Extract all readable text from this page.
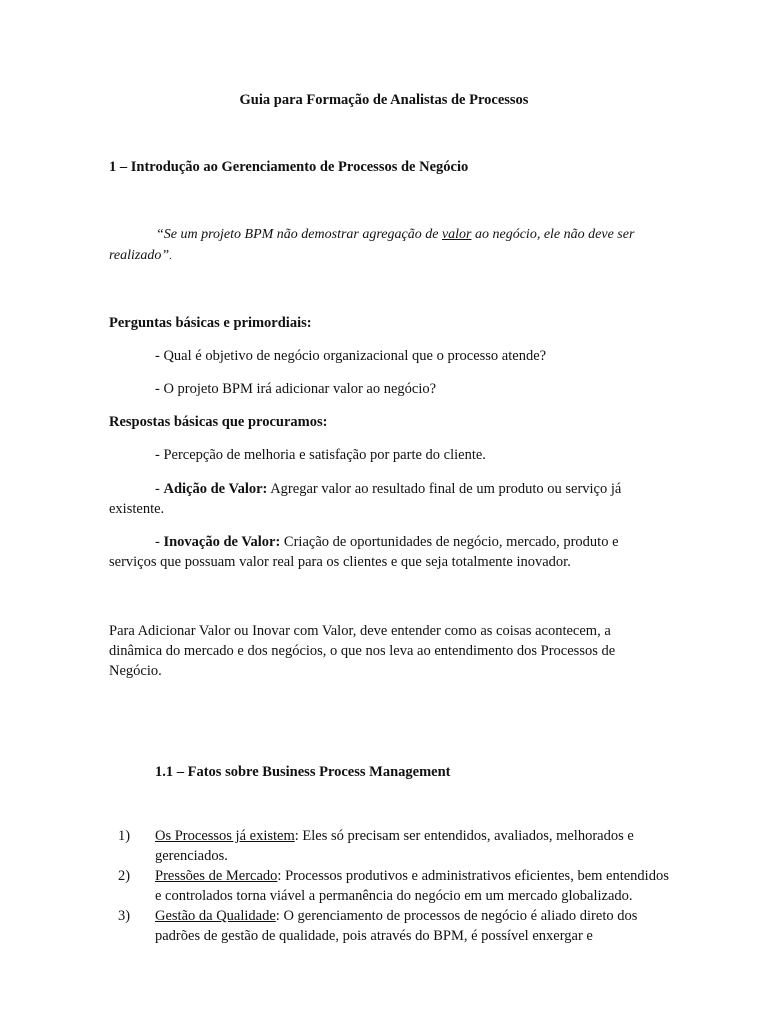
Guia para Formação de Analistas de Processos
1 – Introdução ao Gerenciamento de Processos de Negócio
“Se um projeto BPM não demostrar agregação de valor ao negócio, ele não deve ser realizado”.
Perguntas básicas e primordiais:
- Qual é objetivo de negócio organizacional que o processo atende?
- O projeto BPM irá adicionar valor ao negócio?
Respostas básicas que procuramos:
- Percepção de melhoria e satisfação por parte do cliente.
- Adição de Valor: Agregar valor ao resultado final de um produto ou serviço já existente.
- Inovação de Valor: Criação de oportunidades de negócio, mercado, produto e serviços que possuam valor real para os clientes e que seja totalmente inovador.
Para Adicionar Valor ou Inovar com Valor, deve entender como as coisas acontecem, a dinâmica do mercado e dos negócios, o que nos leva ao entendimento dos Processos de Negócio.
1.1 – Fatos sobre Business Process Management
1) Os Processos já existem: Eles só precisam ser entendidos, avaliados, melhorados e gerenciados.
2) Pressões de Mercado: Processos produtivos e administrativos eficientes, bem entendidos e controlados torna viável a permanência do negócio em um mercado globalizado.
3) Gestão da Qualidade: O gerenciamento de processos de negócio é aliado direto dos padrões de gestão de qualidade, pois através do BPM, é possível enxergar e
